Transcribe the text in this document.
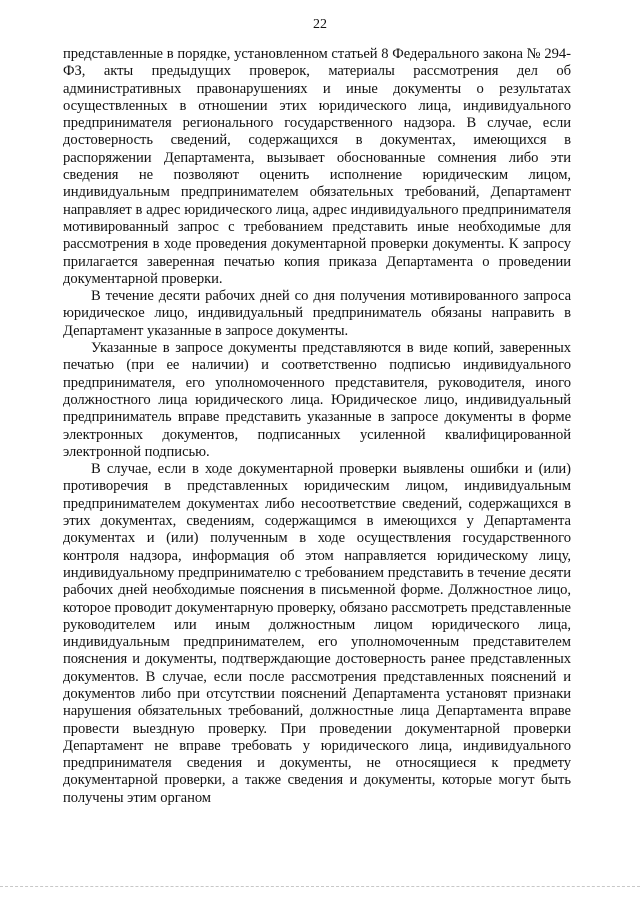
22

представленные в порядке, установленном статьей 8 Федерального закона № 294-ФЗ, акты предыдущих проверок, материалы рассмотрения дел об административных правонарушениях и иные документы о результатах осуществленных в отношении этих юридического лица, индивидуального предпринимателя регионального государственного надзора. В случае, если достоверность сведений, содержащихся в документах, имеющихся в распоряжении Департамента, вызывает обоснованные сомнения либо эти сведения не позволяют оценить исполнение юридическим лицом, индивидуальным предпринимателем обязательных требований, Департамент направляет в адрес юридического лица, адрес индивидуального предпринимателя мотивированный запрос с требованием представить иные необходимые для рассмотрения в ходе проведения документарной проверки документы. К запросу прилагается заверенная печатью копия приказа Департамента о проведении документарной проверки.

В течение десяти рабочих дней со дня получения мотивированного запроса юридическое лицо, индивидуальный предприниматель обязаны направить в Департамент указанные в запросе документы.

Указанные в запросе документы представляются в виде копий, заверенных печатью (при ее наличии) и соответственно подписью индивидуального предпринимателя, его уполномоченного представителя, руководителя, иного должностного лица юридического лица. Юридическое лицо, индивидуальный предприниматель вправе представить указанные в запросе документы в форме электронных документов, подписанных усиленной квалифицированной электронной подписью.

В случае, если в ходе документарной проверки выявлены ошибки и (или) противоречия в представленных юридическим лицом, индивидуальным предпринимателем документах либо несоответствие сведений, содержащихся в этих документах, сведениям, содержащимся в имеющихся у Департамента документах и (или) полученным в ходе осуществления государственного контроля надзора, информация об этом направляется юридическому лицу, индивидуальному предпринимателю с требованием представить в течение десяти рабочих дней необходимые пояснения в письменной форме. Должностное лицо, которое проводит документарную проверку, обязано рассмотреть представленные руководителем или иным должностным лицом юридического лица, индивидуальным предпринимателем, его уполномоченным представителем пояснения и документы, подтверждающие достоверность ранее представленных документов. В случае, если после рассмотрения представленных пояснений и документов либо при отсутствии пояснений Департамента установят признаки нарушения обязательных требований, должностные лица Департамента вправе провести выездную проверку. При проведении документарной проверки Департамент не вправе требовать у юридического лица, индивидуального предпринимателя сведения и документы, не относящиеся к предмету документарной проверки, а также сведения и документы, которые могут быть получены этим органом
